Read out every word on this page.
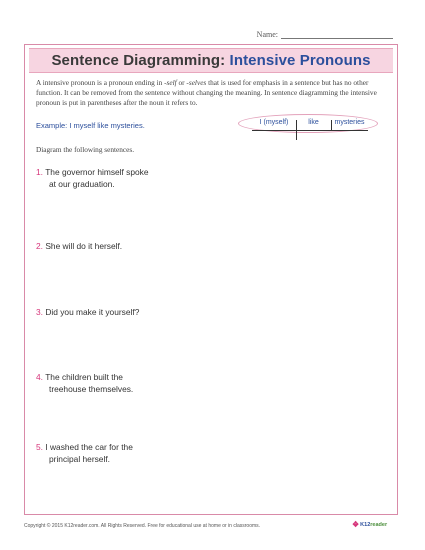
Name:
Sentence Diagramming: Intensive Pronouns
A intensive pronoun is a pronoun ending in -self or -selves that is used for emphasis in a sentence but has no other function. It can be removed from the sentence without changing the meaning. In sentence diagramming the intensive pronoun is put in parentheses after the noun it refers to.
Example: I myself like mysteries.	I (myself)	like	mysteries
Diagram the following sentences.
1. The governor himself spoke
at our graduation.
2. She will do it herself.
3. Did you make it yourself?
4. The children built the
treehouse themselves.
5. I washed the car for the
principal herself.
Copyright © 2015 K12reader.com. All Rights Reserved. Free for educational use at home or in classrooms.	❖ K12 reader
